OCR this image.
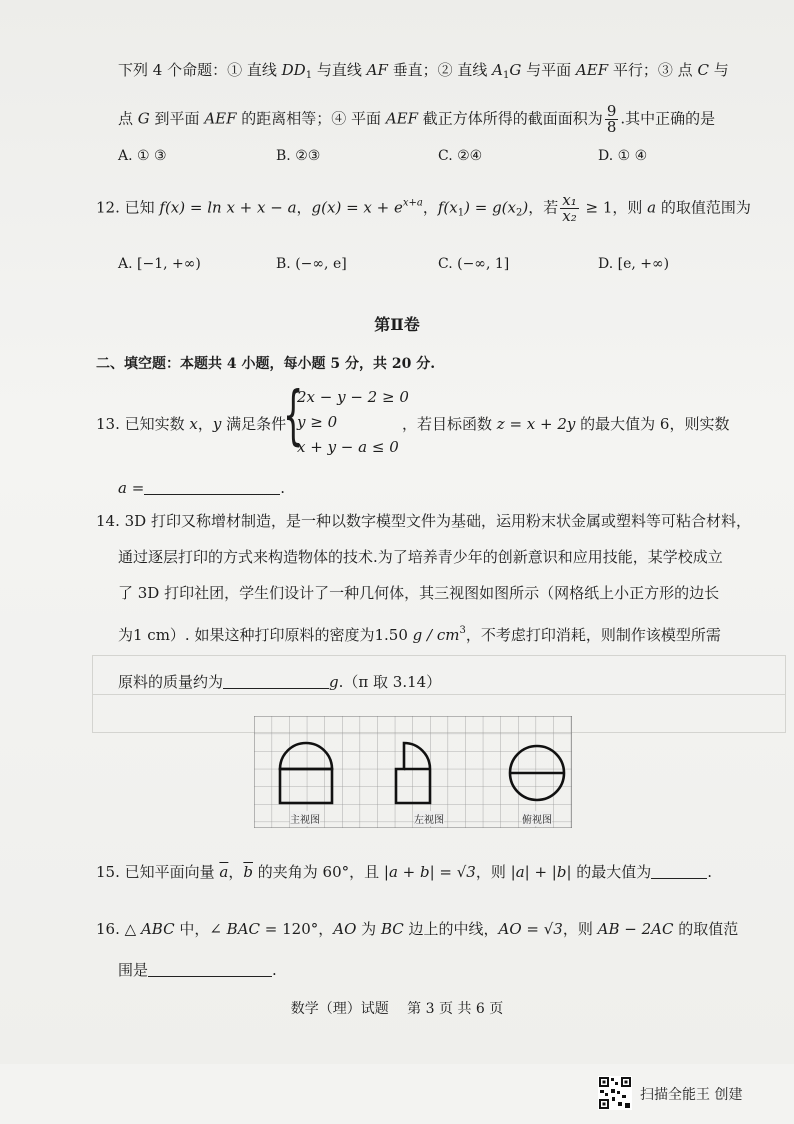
下列 4 个命题：① 直线 $DD_1$ 与直线 AF 垂直；② 直线 $A_1G$ 与平面 AEF 平行；③ 点 C 与
点 G 到平面 AEF 的距离相等；④ 平面 AEF 截正方体所得的截面面积为 $\frac{9}{8}$ .其中正确的是
A. ① ③	B. ②③	C. ②④	D. ① ④
12. 已知 f(x) = ln x + x − a，$g(x) = x + e^{x+a}$，$f(x_1) = g(x_2)$，若 $\frac{\text{x₁}}{\text{x₂}} \ge 1$，则 a 的取值范围为
A. [−1, +∞)	B. (−∞, e]	C. (−∞, 1]	D. [e, +∞)
第Ⅱ卷
二、填空题：本题共 4 小题，每小题 5 分，共 20 分.
13. 已知实数 x，y 满足条件
{
2x − y − 2 ≥ 0
y ≥ 0
x + y − a ≤ 0
，若目标函数 z = x + 2y 的最大值为 6，则实数
a =	.
14. 3D 打印又称增材制造，是一种以数字模型文件为基础，运用粉末状金属或塑料等可粘合材料，
通过逐层打印的方式来构造物体的技术.为了培养青少年的创新意识和应用技能，某学校成立
了 3D 打印社团，学生们设计了一种几何体，其三视图如图所示（网格纸上小正方形的边长
为1 cm）. 如果这种打印原料的密度为1.50 g / $cm^3$，不考虑打印消耗，则制作该模型所需
原料的质量约为	g.（π 取 3.14）
主视图	左视图	俯视图
15. 已知平面向量 $\overline{a}$，$\overline{b}$ 的夹角为 60°，且 |a + b| = √3，则 |a| + |b| 的最大值为	.
16. △ ABC 中，∠ BAC = 120°，AO 为 BC 边上的中线，AO = √3，则 AB − 2AC 的取值范
围是	.
数学（理）试题　 第 3 页 共 6 页
扫描全能王 创建
